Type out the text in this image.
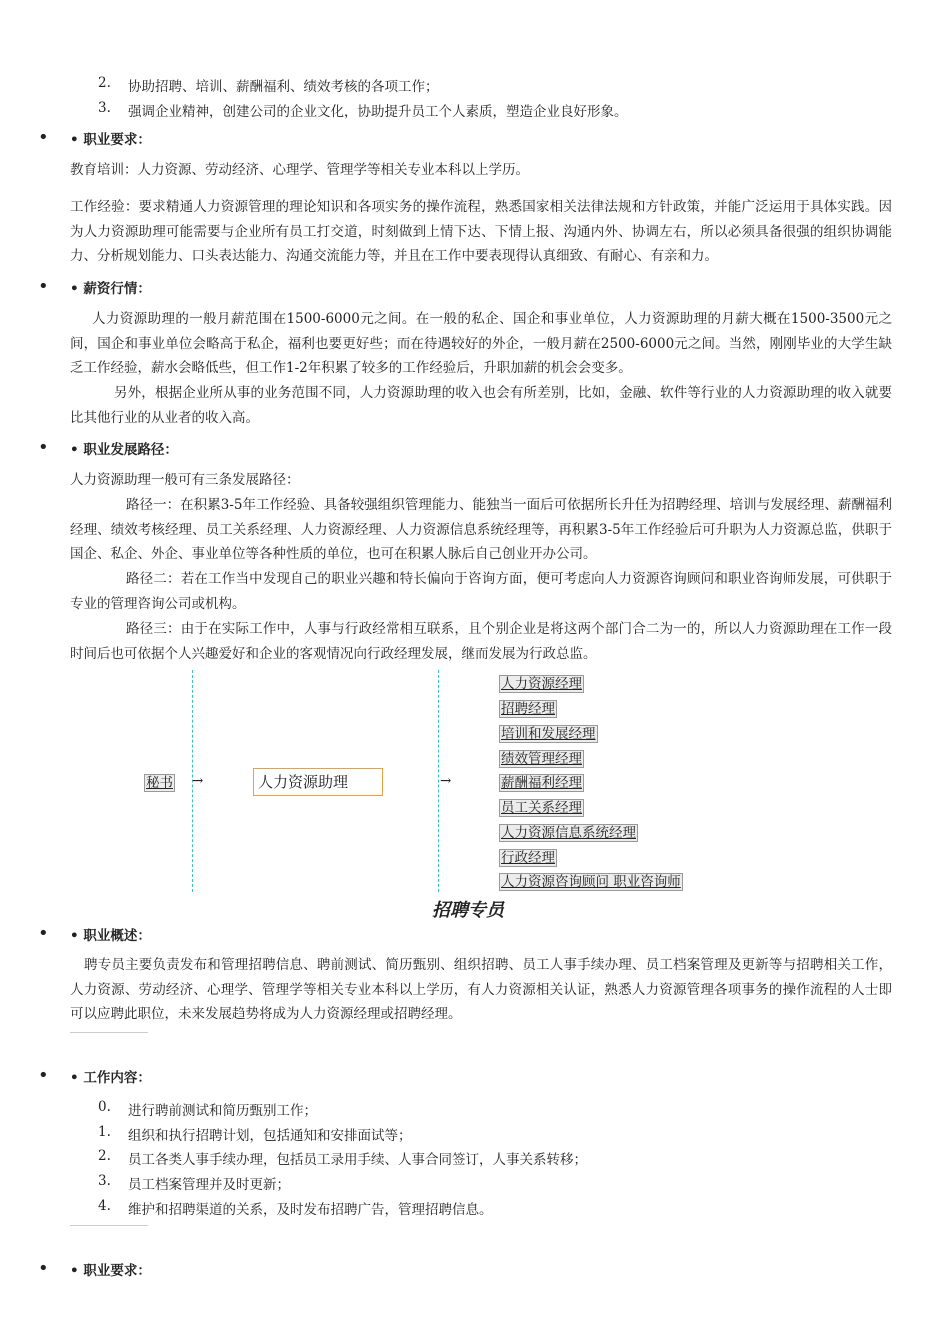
2. 协助招聘、培训、薪酬福利、绩效考核的各项工作；
3. 强调企业精神，创建公司的企业文化，协助提升员工个人素质，塑造企业良好形象。
• • 职业要求：
教育培训：人力资源、劳动经济、心理学、管理学等相关专业本科以上学历。
工作经验：要求精通人力资源管理的理论知识和各项实务的操作流程，熟悉国家相关法律法规和方针政策，并能广泛运用于具体实践。因为人力资源助理可能需要与企业所有员工打交道，时刻做到上情下达、下情上报、沟通内外、协调左右，所以必须具备很强的组织协调能力、分析规划能力、口头表达能力、沟通交流能力等，并且在工作中要表现得认真细致、有耐心、有亲和力。
• • 薪资行情：
人力资源助理的一般月薪范围在1500-6000元之间。在一般的私企、国企和事业单位，人力资源助理的月薪大概在1500-3500元之间，国企和事业单位会略高于私企，福利也要更好些；而在待遇较好的外企，一般月薪在2500-6000元之间。当然，刚刚毕业的大学生缺乏工作经验，薪水会略低些，但工作1-2年积累了较多的工作经验后，升职加薪的机会会变多。
另外，根据企业所从事的业务范围不同，人力资源助理的收入也会有所差别，比如，金融、软件等行业的人力资源助理的收入就要比其他行业的从业者的收入高。
• • 职业发展路径：
人力资源助理一般可有三条发展路径：
路径一：在积累3-5年工作经验、具备较强组织管理能力、能独当一面后可依据所长升任为招聘经理、培训与发展经理、薪酬福利经理、绩效考核经理、员工关系经理、人力资源经理、人力资源信息系统经理等，再积累3-5年工作经验后可升职为人力资源总监，供职于国企、私企、外企、事业单位等各种性质的单位，也可在积累人脉后自己创业开办公司。
路径二：若在工作当中发现自己的职业兴趣和特长偏向于咨询方面，便可考虑向人力资源咨询顾问和职业咨询师发展，可供职于专业的管理咨询公司或机构。
路径三：由于在实际工作中，人事与行政经常相互联系，且个别企业是将这两个部门合二为一的，所以人力资源助理在工作一段时间后也可依据个人兴趣爱好和企业的客观情况向行政经理发展，继而发展为行政总监。
秘书 →	人力资源助理	→
人力资源经理
招聘经理
培训和发展经理
绩效管理经理
薪酬福利经理
员工关系经理
人力资源信息系统经理
行政经理
人力资源咨询顾问 职业咨询师
招聘专员
• • 职业概述：
聘专员主要负责发布和管理招聘信息、聘前测试、简历甄别、组织招聘、员工人事手续办理、员工档案管理及更新等与招聘相关工作，人力资源、劳动经济、心理学、管理学等相关专业本科以上学历，有人力资源相关认证，熟悉人力资源管理各项事务的操作流程的人士即可以应聘此职位，未来发展趋势将成为人力资源经理或招聘经理。
• • 工作内容：
0. 进行聘前测试和简历甄别工作；
1. 组织和执行招聘计划，包括通知和安排面试等；
2. 员工各类人事手续办理，包括员工录用手续、人事合同签订，人事关系转移；
3. 员工档案管理并及时更新；
4. 维护和招聘渠道的关系，及时发布招聘广告，管理招聘信息。
• • 职业要求：
